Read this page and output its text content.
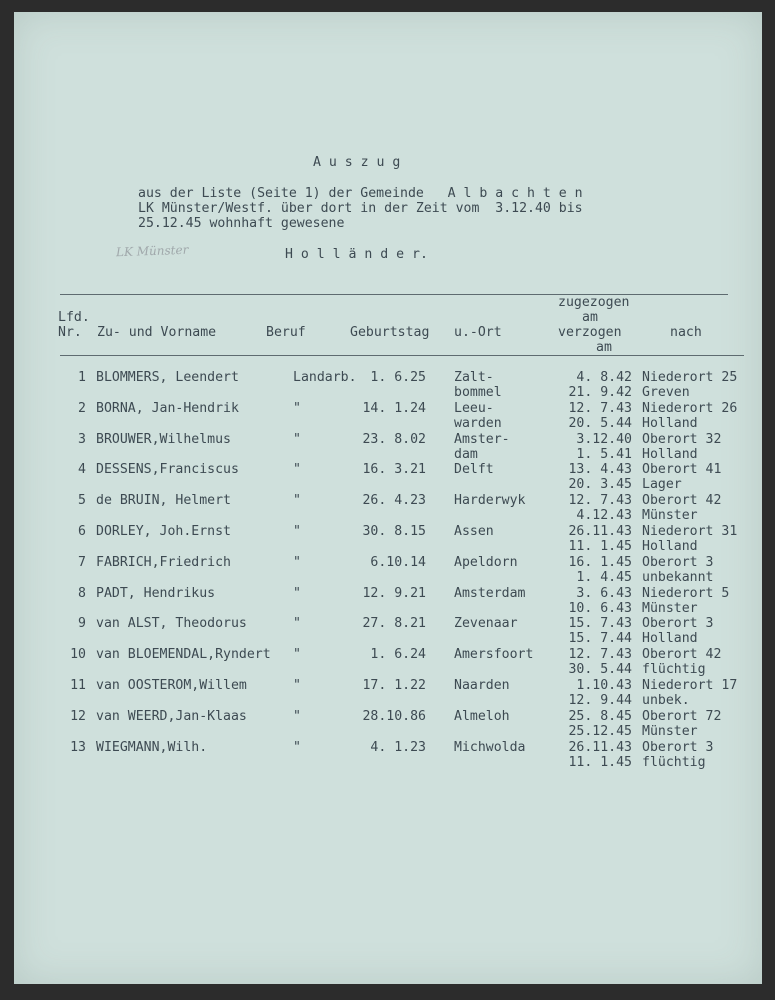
A u s z u g
aus der Liste (Seite 1) der Gemeinde   A l b a c h t e n
LK Münster/Westf. über dort in der Zeit vom  3.12.40 bis
25.12.45 wohnhaft gewesene
LK Münster	H o l l ä n d e r.
Lfd.
Nr. Zu- und Vorname	Beruf	Geburtstag u.-Ort
zugezogen
am
verzogen
am
nach
1 BLOMMERS, Leendert	Landarb.	1. 6.25 Zalt-	4. 8.42 Niederort 25
bommel	21. 9.42 Greven
2 BORNA, Jan-Hendrik	"	14. 1.24 Leeu-	12. 7.43 Niederort 26
warden	20. 5.44 Holland
3 BROUWER,Wilhelmus	"	23. 8.02 Amster-	3.12.40 Oberort 32
dam	1. 5.41 Holland
4 DESSENS,Franciscus	"	16. 3.21 Delft	13. 4.43 Oberort 41
20. 3.45 Lager
5 de BRUIN, Helmert	"	26. 4.23 Harderwyk	12. 7.43 Oberort 42
4.12.43 Münster
6 DORLEY, Joh.Ernst	"	30. 8.15 Assen	26.11.43 Niederort 31
11. 1.45 Holland
7 FABRICH,Friedrich	"	6.10.14 Apeldorn	16. 1.45 Oberort 3
1. 4.45 unbekannt
8 PADT, Hendrikus	"	12. 9.21 Amsterdam	3. 6.43 Niederort 5
10. 6.43 Münster
9 van ALST, Theodorus	"	27. 8.21 Zevenaar	15. 7.43 Oberort 3
15. 7.44 Holland
10 van BLOEMENDAL,Ryndert "	1. 6.24 Amersfoort	12. 7.43 Oberort 42
30. 5.44 flüchtig
11 van OOSTEROM,Willem	"	17. 1.22 Naarden	1.10.43 Niederort 17
12. 9.44 unbek.
12 van WEERD,Jan-Klaas	"	28.10.86 Almeloh	25. 8.45 Oberort 72
25.12.45 Münster
13 WIEGMANN,Wilh.	"	4. 1.23 Michwolda	26.11.43 Oberort 3
11. 1.45 flüchtig
